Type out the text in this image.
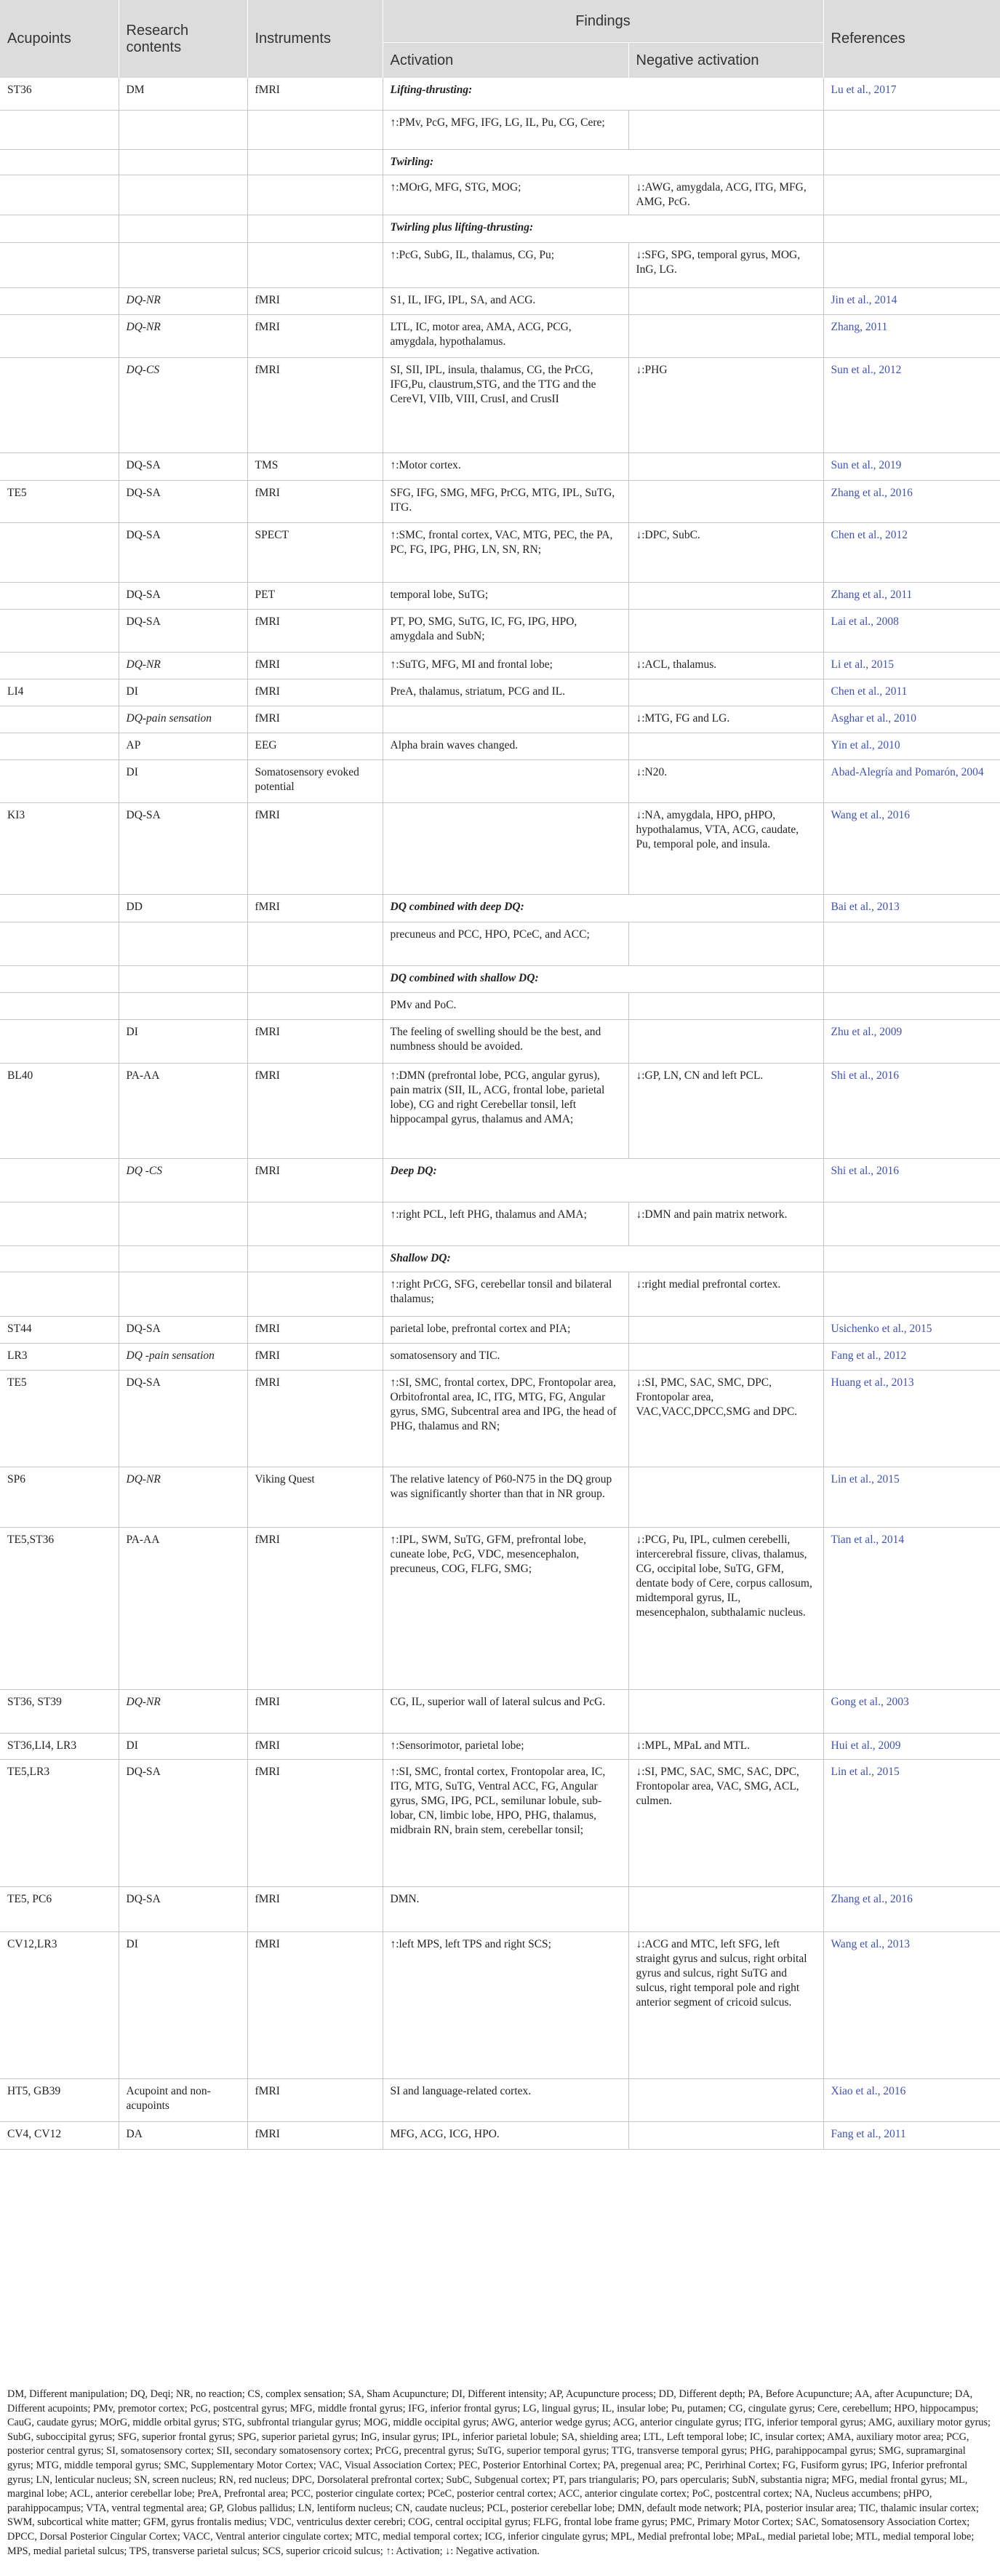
Acupoints	Research contents	Instruments	Findings		References
			Activation	Negative activation	
ST36	DM	fMRI	Lifting-thrusting:		Lu et al., 2017
			↑:PMv, PcG, MFG, IFG, LG, IL, Pu, CG, Cere;		
			Twirling:		
			↑:MOrG, MFG, STG, MOG;	↓:AWG, amygdala, ACG, ITG, MFG, AMG, PcG.	
			Twirling plus lifting-thrusting:		
			↑:PcG, SubG, IL, thalamus, CG, Pu;	↓:SFG, SPG, temporal gyrus, MOG, InG, LG.	
	DQ-NR	fMRI	S1, IL, IFG, IPL, SA, and ACG.		Jin et al., 2014
	DQ-NR	fMRI	LTL, IC, motor area, AMA, ACG, PCG, amygdala, hypothalamus.		Zhang, 2011
	DQ-CS	fMRI	SI, SII, IPL, insula, thalamus, CG, the PrCG, IFG,Pu, claustrum,STG, and the TTG and the CereVI, VIIb, VIII, CrusI, and CrusII	↓:PHG	Sun et al., 2012
	DQ-SA	TMS	↑:Motor cortex.		Sun et al., 2019
TE5	DQ-SA	fMRI	SFG, IFG, SMG, MFG, PrCG, MTG, IPL, SuTG, ITG.		Zhang et al., 2016
	DQ-SA	SPECT	↑:SMC, frontal cortex, VAC, MTG, PEC, the PA, PC, FG, IPG, PHG, LN, SN, RN;	↓:DPC, SubC.	Chen et al., 2012
	DQ-SA	PET	temporal lobe, SuTG;		Zhang et al., 2011
	DQ-SA	fMRI	PT, PO, SMG, SuTG, IC, FG, IPG, HPO, amygdala and SubN;		Lai et al., 2008
	DQ-NR	fMRI	↑:SuTG, MFG, MI and frontal lobe;	↓:ACL, thalamus.	Li et al., 2015
LI4	DI	fMRI	PreA, thalamus, striatum, PCG and IL.		Chen et al., 2011
	DQ-pain sensation	fMRI		↓:MTG, FG and LG.	Asghar et al., 2010
	AP	EEG	Alpha brain waves changed.		Yin et al., 2010
	DI	Somatosensory evoked potential		↓:N20.	Abad-Alegría and Pomarón, 2004
KI3	DQ-SA	fMRI		↓:NA, amygdala, HPO, pHPO, hypothalamus, VTA, ACG, caudate, Pu, temporal pole, and insula.	Wang et al., 2016
	DD	fMRI	DQ combined with deep DQ:		Bai et al., 2013
			precuneus and PCC, HPO, PCeC, and ACC;		
			DQ combined with shallow DQ:		
			PMv and PoC.		
	DI	fMRI	The feeling of swelling should be the best, and numbness should be avoided.		Zhu et al., 2009
BL40	PA-AA	fMRI	↑:DMN (prefrontal lobe, PCG, angular gyrus), pain matrix (SII, IL, ACG, frontal lobe, parietal lobe), CG and right Cerebellar tonsil, left hippocampal gyrus, thalamus and AMA;	↓:GP, LN, CN and left PCL.	Shi et al., 2016
	DQ -CS	fMRI	Deep DQ:		Shi et al., 2016
			↑:right PCL, left PHG, thalamus and AMA;	↓:DMN and pain matrix network.	
			Shallow DQ:		
			↑:right PrCG, SFG, cerebellar tonsil and bilateral thalamus;	↓:right medial prefrontal cortex.	
ST44	DQ-SA	fMRI	parietal lobe, prefrontal cortex and PIA;		Usichenko et al., 2015
LR3	DQ -pain sensation	fMRI	somatosensory and TIC.		Fang et al., 2012
TE5	DQ-SA	fMRI	↑:SI, SMC, frontal cortex, DPC, Frontopolar area, Orbitofrontal area, IC, ITG, MTG, FG, Angular gyrus, SMG, Subcentral area and IPG, the head of PHG, thalamus and RN;	↓:SI, PMC, SAC, SMC, DPC, Frontopolar area, VAC,VACC,DPCC,SMG and DPC.	Huang et al., 2013
SP6	DQ-NR	Viking Quest	The relative latency of P60-N75 in the DQ group was significantly shorter than that in NR group.		Lin et al., 2015
TE5,ST36	PA-AA	fMRI	↑:IPL, SWM, SuTG, GFM, prefrontal lobe, cuneate lobe, PcG, VDC, mesencephalon, precuneus, COG, FLFG, SMG;	↓:PCG, Pu, IPL, culmen cerebelli, intercerebral fissure, clivas, thalamus, CG, occipital lobe, SuTG, GFM, dentate body of Cere, corpus callosum, midtemporal gyrus, IL, mesencephalon, subthalamic nucleus.	Tian et al., 2014
ST36, ST39	DQ-NR	fMRI	CG, IL, superior wall of lateral sulcus and PcG.		Gong et al., 2003
ST36,LI4, LR3	DI	fMRI	↑:Sensorimotor, parietal lobe;	↓:MPL, MPaL and MTL.	Hui et al., 2009
TE5,LR3	DQ-SA	fMRI	↑:SI, SMC, frontal cortex, Frontopolar area, IC, ITG, MTG, SuTG, Ventral ACC, FG, Angular gyrus, SMG, IPG, PCL, semilunar lobule, sub-lobar, CN, limbic lobe, HPO, PHG, thalamus, midbrain RN, brain stem, cerebellar tonsil;	↓:SI, PMC, SAC, SMC, SAC, DPC, Frontopolar area, VAC, SMG, ACL, culmen.	Lin et al., 2015
TE5, PC6	DQ-SA	fMRI	DMN.		Zhang et al., 2016
CV12,LR3	DI	fMRI	↑:left MPS, left TPS and right SCS;	↓:ACG and MTC, left SFG, left straight gyrus and sulcus, right orbital gyrus and sulcus, right SuTG and sulcus, right temporal pole and right anterior segment of cricoid sulcus.	Wang et al., 2013
HT5, GB39	Acupoint and non-acupoints	fMRI	SI and language-related cortex.		Xiao et al., 2016
CV4, CV12	DA	fMRI	MFG, ACG, ICG, HPO.		Fang et al., 2011
DM, Different manipulation; DQ, Deqi; NR, no reaction; CS, complex sensation; SA, Sham Acupuncture; DI, Different intensity; AP, Acupuncture process; DD, Different depth; PA, Before Acupuncture; AA, after Acupuncture; DA, Different acupoints; PMv, premotor cortex; PcG, postcentral gyrus; MFG, middle frontal gyrus; IFG, inferior frontal gyrus; LG, lingual gyrus; IL, insular lobe; Pu, putamen; CG, cingulate gyrus; Cere, cerebellum; HPO, hippocampus; CauG, caudate gyrus; MOrG, middle orbital gyrus; STG, subfrontal triangular gyrus; MOG, middle occipital gyrus; AWG, anterior wedge gyrus; ACG, anterior cingulate gyrus; ITG, inferior temporal gyrus; AMG, auxiliary motor gyrus; SubG, suboccipital gyrus; SFG, superior frontal gyrus; SPG, superior parietal gyrus; InG, insular gyrus; IPL, inferior parietal lobule; SA, shielding area; LTL, Left temporal lobe; IC, insular cortex; AMA, auxiliary motor area; PCG, posterior central gyrus; SI, somatosensory cortex; SII, secondary somatosensory cortex; PrCG, precentral gyrus; SuTG, superior temporal gyrus; TTG, transverse temporal gyrus; PHG, parahippocampal gyrus; SMG, supramarginal gyrus; MTG, middle temporal gyrus; SMC, Supplementary Motor Cortex; VAC, Visual Association Cortex; PEC, Posterior Entorhinal Cortex; PA, pregenual area; PC, Perirhinal Cortex; FG, Fusiform gyrus; IPG, Inferior prefrontal gyrus; LN, lenticular nucleus; SN, screen nucleus; RN, red nucleus; DPC, Dorsolateral prefrontal cortex; SubC, Subgenual cortex; PT, pars triangularis; PO, pars opercularis; SubN, substantia nigra; MFG, medial frontal gyrus; ML, marginal lobe; ACL, anterior cerebellar lobe; PreA, Prefrontal area; PCC, posterior cingulate cortex; PCeC, posterior central cortex; ACC, anterior cingulate cortex; PoC, postcentral cortex; NA, Nucleus accumbens; pHPO, parahippocampus; VTA, ventral tegmental area; GP, Globus pallidus; LN, lentiform nucleus; CN, caudate nucleus; PCL, posterior cerebellar lobe; DMN, default mode network; PIA, posterior insular area; TIC, thalamic insular cortex; SWM, subcortical white matter; GFM, gyrus frontalis medius; VDC, ventriculus dexter cerebri; COG, central occipital gyrus; FLFG, frontal lobe frame gyrus; PMC, Primary Motor Cortex; SAC, Somatosensory Association Cortex; DPCC, Dorsal Posterior Cingular Cortex; VACC, Ventral anterior cingulate cortex; MTC, medial temporal cortex; ICG, inferior cingulate gyrus; MPL, Medial prefrontal lobe; MPaL, medial parietal lobe; MTL, medial temporal lobe; MPS, medial parietal sulcus; TPS, transverse parietal sulcus; SCS, superior cricoid sulcus; ↑: Activation; ↓: Negative activation.
